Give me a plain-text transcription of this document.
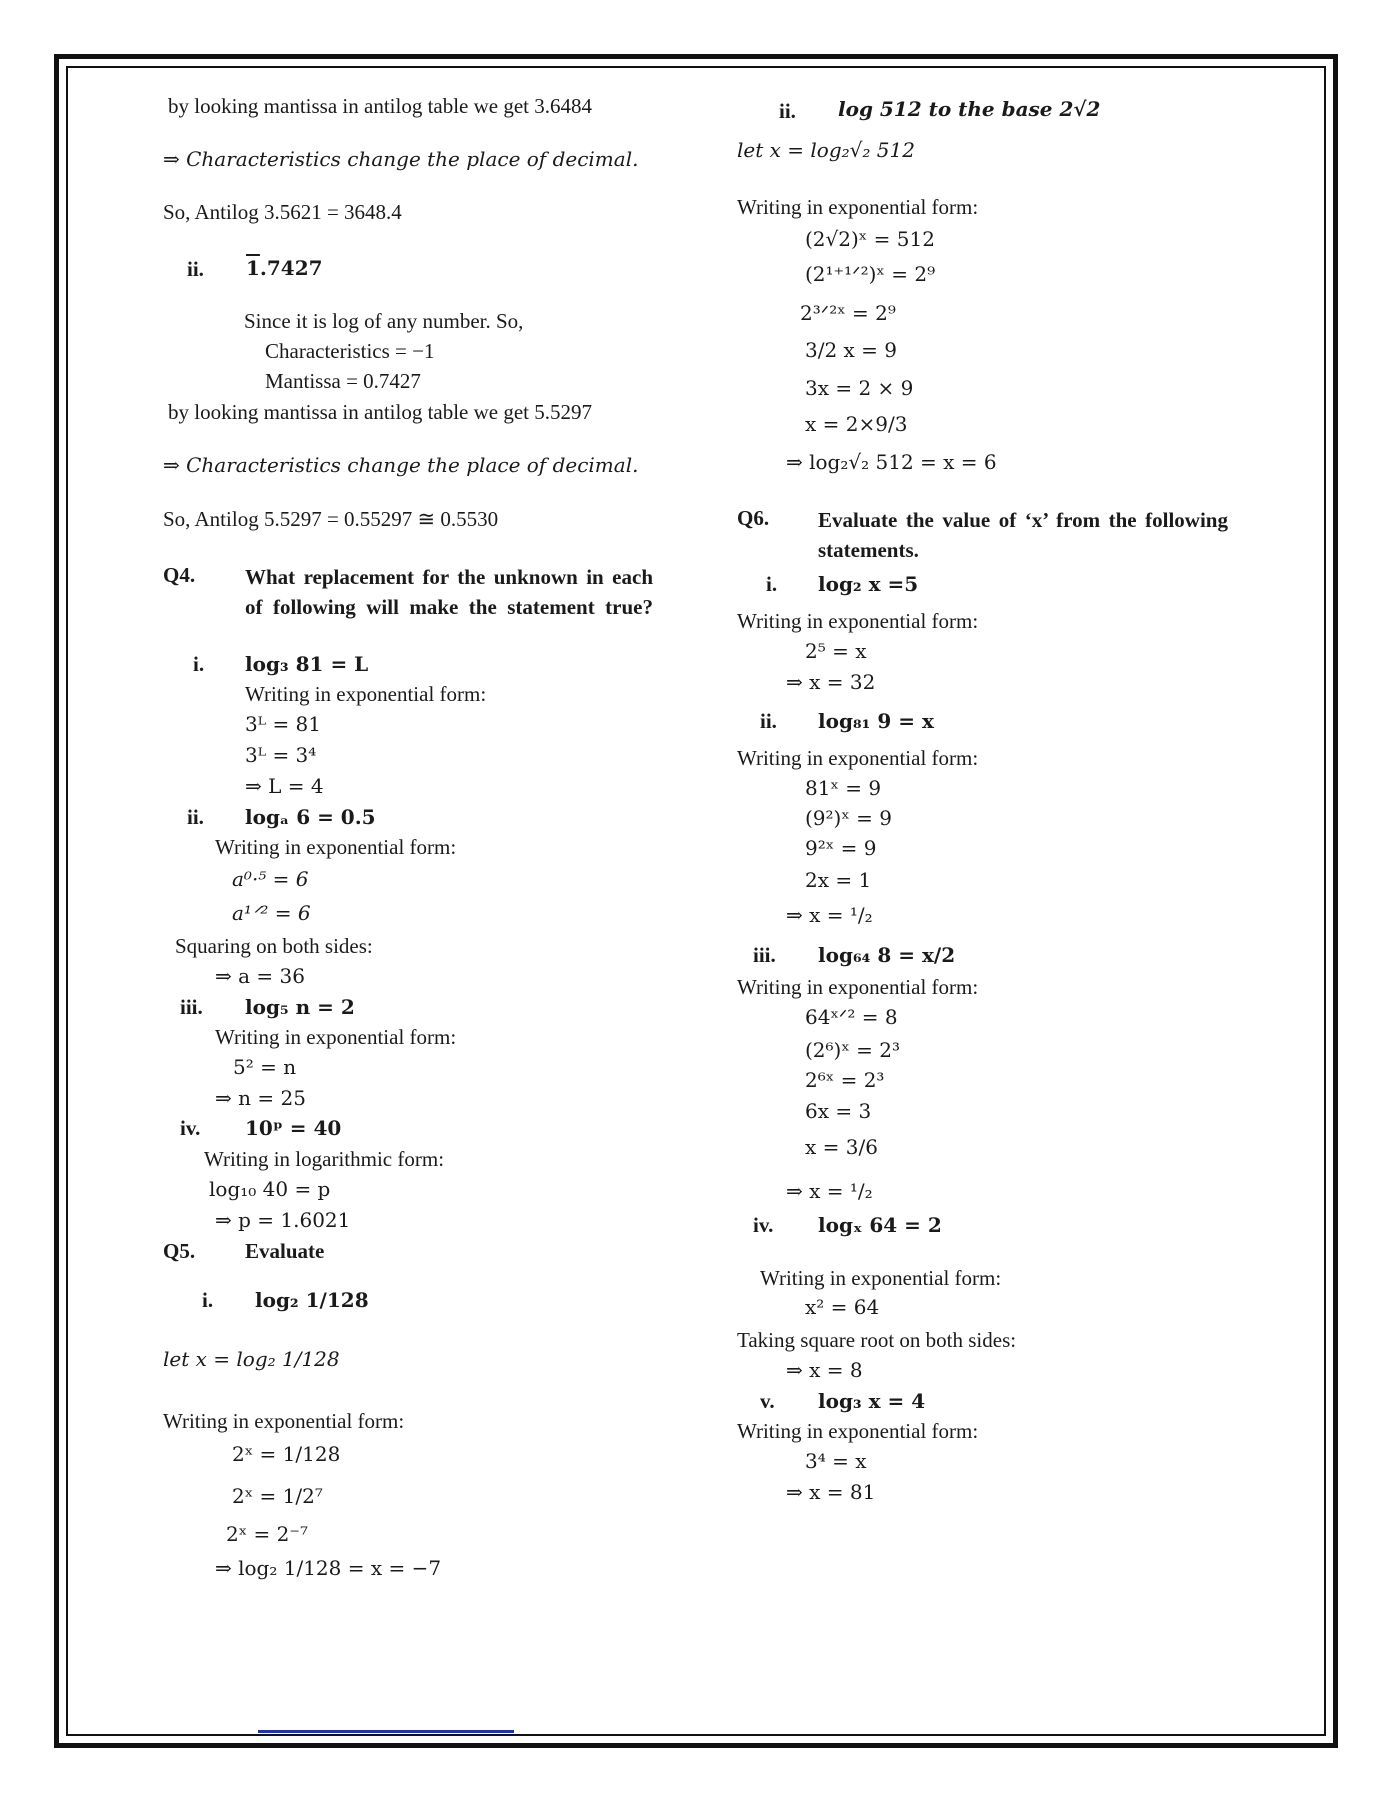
by looking mantissa in antilog table we get 3.6484
⇒ Characteristics change the place of decimal.
So, Antilog 3.5621 = 3648.4
ii. 1.7427
Since it is log of any number. So,
Characteristics = −1
Mantissa = 0.7427
by looking mantissa in antilog table we get 5.5297
⇒ Characteristics change the place of decimal.
So, Antilog 5.5297 = 0.55297 ≅ 0.5530
Q4. What replacement for the unknown in each of following will make the statement true?
i. log₃ 81 = L
Writing in exponential form:
3ᴸ = 81
3ᴸ = 3⁴
⇒ L = 4
ii. logₐ 6 = 0.5
Writing in exponential form:
a⁰·⁵ = 6
a¹ᐟ² = 6
Squaring on both sides:
⇒ a = 36
iii. log₅ n = 2
Writing in exponential form:
5² = n
⇒ n = 25
iv. 10ᵖ = 40
Writing in logarithmic form:
log₁₀ 40 = p
⇒ p = 1.6021
Q5. Evaluate
i. log₂ 1/128
let x = log₂ 1/128
Writing in exponential form:
2ˣ = 1/128
2ˣ = 1/2⁷
2ˣ = 2⁻⁷
⇒ log₂ 1/128 = x = −7
ii. log 512 to the base 2√2
let x = log₂√₂ 512
Writing in exponential form:
(2√2)ˣ = 512
(2¹⁺¹ᐟ²)ˣ = 2⁹
2³ᐟ²ˣ = 2⁹
3/2 x = 9
3x = 2 × 9
x = 2×9/3
⇒ log₂√₂ 512 = x = 6
Q6. Evaluate the value of ‘x’ from the following statements.
i. log₂ x =5
Writing in exponential form:
2⁵ = x
⇒ x = 32
ii. log₈₁ 9 = x
Writing in exponential form:
81ˣ = 9
(9²)ˣ = 9
9²ˣ = 9
2x = 1
⇒ x = ¹/₂
iii. log₆₄ 8 = x/2
Writing in exponential form:
64ˣᐟ² = 8
(2⁶)ˣ = 2³
2⁶ˣ = 2³
6x = 3
x = 3/6
⇒ x = ¹/₂
iv. logₓ 64 = 2
Writing in exponential form:
x² = 64
Taking square root on both sides:
⇒ x = 8
v. log₃ x = 4
Writing in exponential form:
3⁴ = x
⇒ x = 81
